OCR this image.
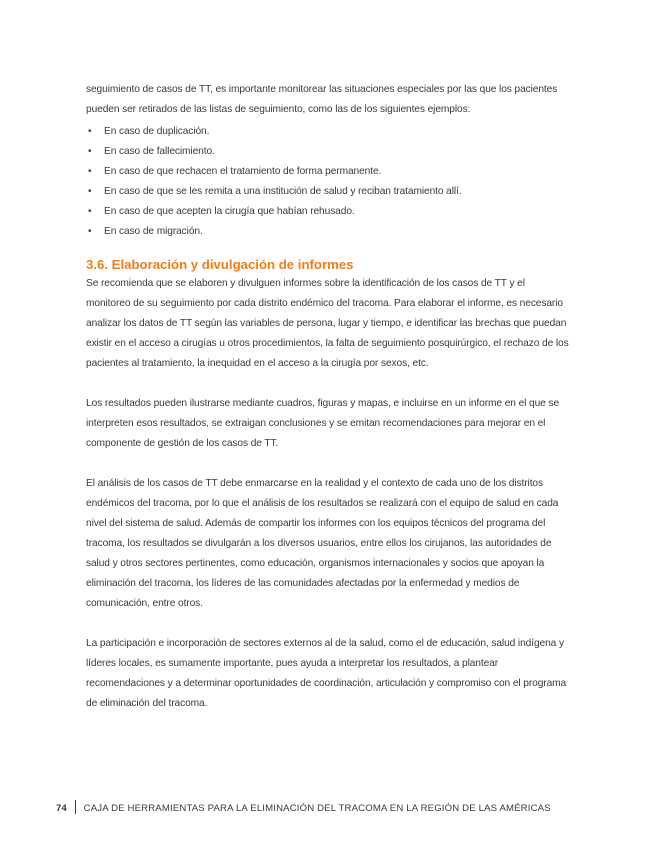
seguimiento de casos de TT, es importante monitorear las situaciones especiales por las que los pacientes pueden ser retirados de las listas de seguimiento, como las de los siguientes ejemplos:

• En caso de duplicación.
• En caso de fallecimiento.
• En caso de que rechacen el tratamiento de forma permanente.
• En caso de que se les remita a una institución de salud y reciban tratamiento allí.
• En caso de que acepten la cirugía que habían rehusado.
• En caso de migración.
3.6. Elaboración y divulgación de informes

Se recomienda que se elaboren y divulguen informes sobre la identificación de los casos de TT y el monitoreo de su seguimiento por cada distrito endémico del tracoma. Para elaborar el informe, es necesario analizar los datos de TT según las variables de persona, lugar y tiempo, e identificar las brechas que puedan existir en el acceso a cirugías u otros procedimientos, la falta de seguimiento posquirúrgico, el rechazo de los pacientes al tratamiento, la inequidad en el acceso a la cirugía por sexos, etc.

Los resultados pueden ilustrarse mediante cuadros, figuras y mapas, e incluirse en un informe en el que se interpreten esos resultados, se extraigan conclusiones y se emitan recomendaciones para mejorar en el componente de gestión de los casos de TT.

El análisis de los casos de TT debe enmarcarse en la realidad y el contexto de cada uno de los distritos endémicos del tracoma, por lo que el análisis de los resultados se realizará con el equipo de salud en cada nivel del sistema de salud. Además de compartir los informes con los equipos técnicos del programa del tracoma, los resultados se divulgarán a los diversos usuarios, entre ellos los cirujanos, las autoridades de salud y otros sectores pertinentes, como educación, organismos internacionales y socios que apoyan la eliminación del tracoma, los líderes de las comunidades afectadas por la enfermedad y medios de comunicación, entre otros.

La participación e incorporación de sectores externos al de la salud, como el de educación, salud indígena y líderes locales, es sumamente importante, pues ayuda a interpretar los resultados, a plantear recomendaciones y a determinar oportunidades de coordinación, articulación y compromiso con el programa de eliminación del tracoma.

74 CAJA DE HERRAMIENTAS PARA LA ELIMINACIÓN DEL TRACOMA EN LA REGIÓN DE LAS AMÉRICAS
